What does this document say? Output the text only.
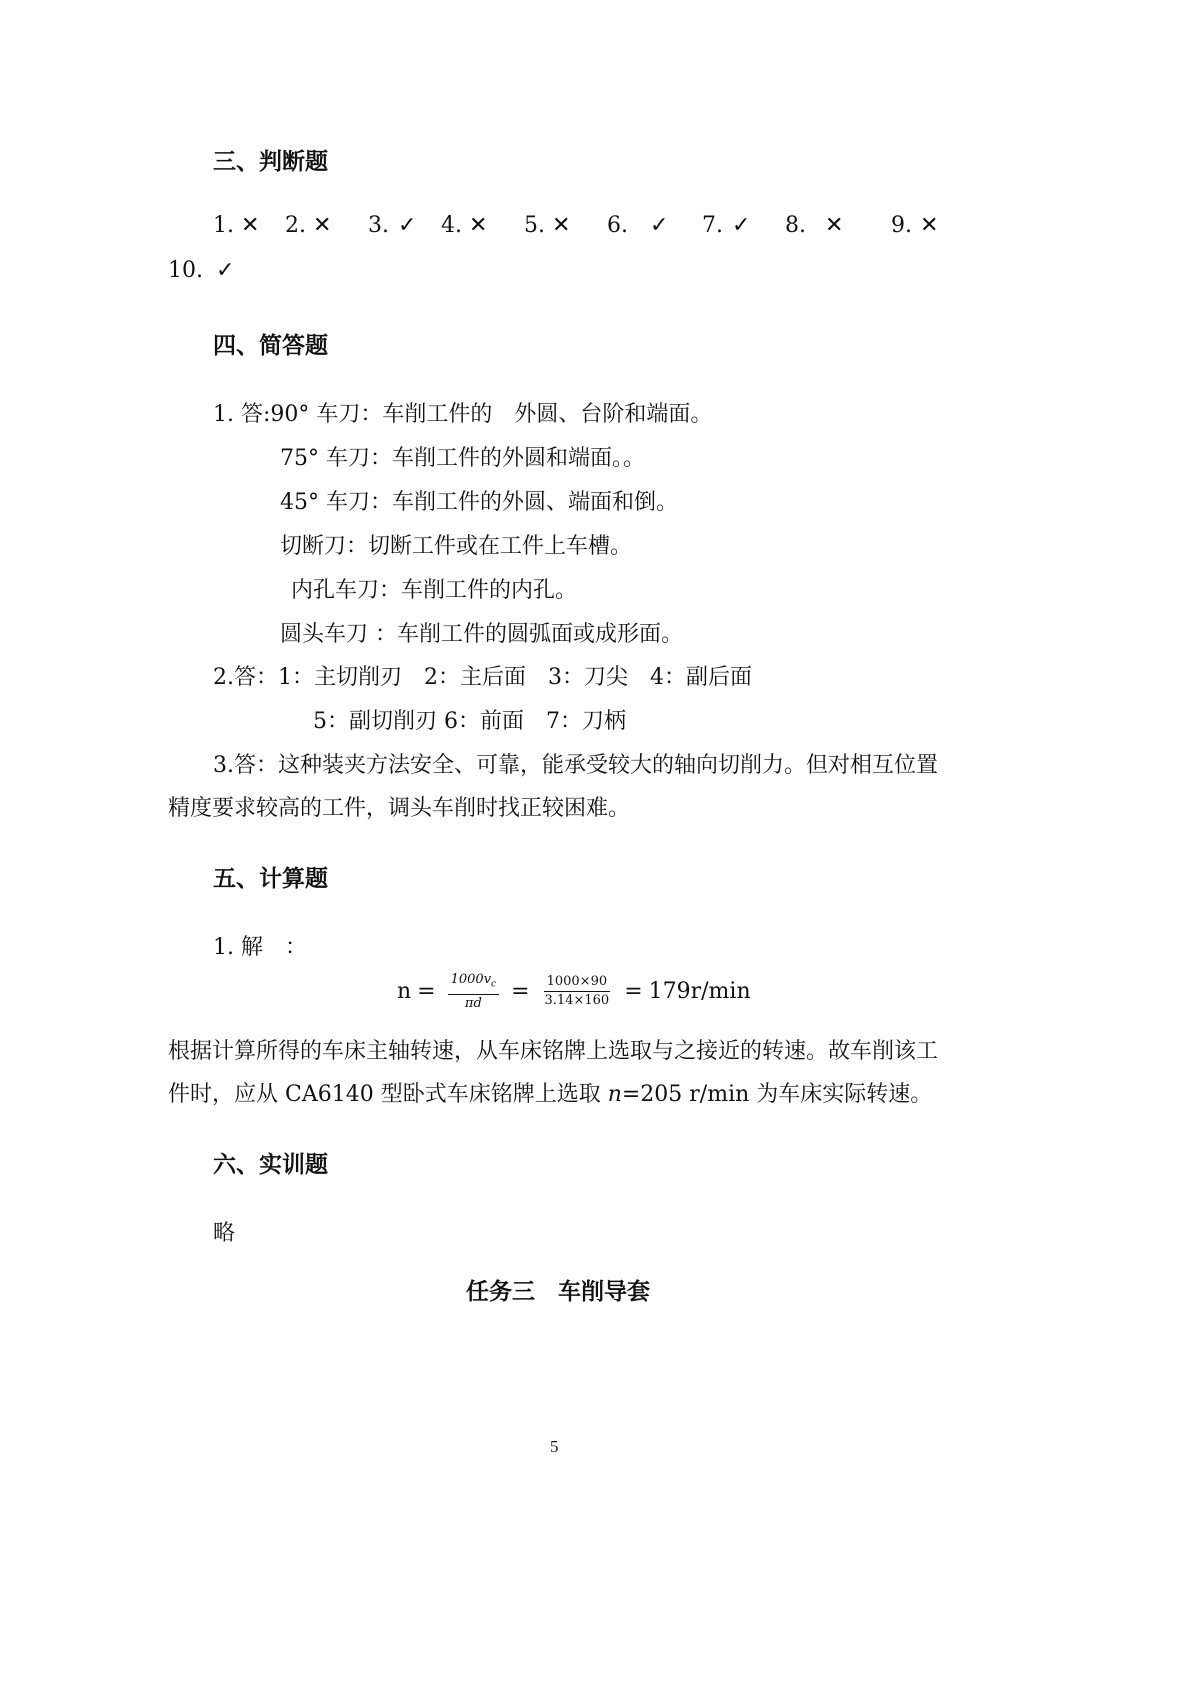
三、判断题
1. ✕ 2. ✕ 3. ✓ 4. ✕ 5. ✕ 6. ✓ 7. ✓ 8. ✕ 9. ✕
10. ✓
四、简答题
1. 答:90° 车刀：车削工件的　外圆、台阶和端面。
75° 车刀：车削工件的外圆和端面。。
45° 车刀：车削工件的外圆、端面和倒。
切断刀：切断工件或在工件上车槽。
内孔车刀：车削工件的内孔。
圆头车刀 ：车削工件的圆弧面或成形面。
2.答：1：主切削刃　2：主后面　3：刀尖　4：副后面
5：副切削刃 6：前面　7：刀柄
3.答：这种装夹方法安全、可靠，能承受较大的轴向切削力。但对相互位置
精度要求较高的工件，调头车削时找正较困难。
五、计算题
1. 解　：
$n = \frac{1000v_c}{\pi d} = \frac{1000\times 90}{3.14\times 160} = 179r/\min$
根据计算所得的车床主轴转速，从车床铭牌上选取与之接近的转速。故车削该工
件时，应从 CA6140 型卧式车床铭牌上选取 n=205 r/min 为车床实际转速。
六、实训题
略
任务三　车削导套
5
